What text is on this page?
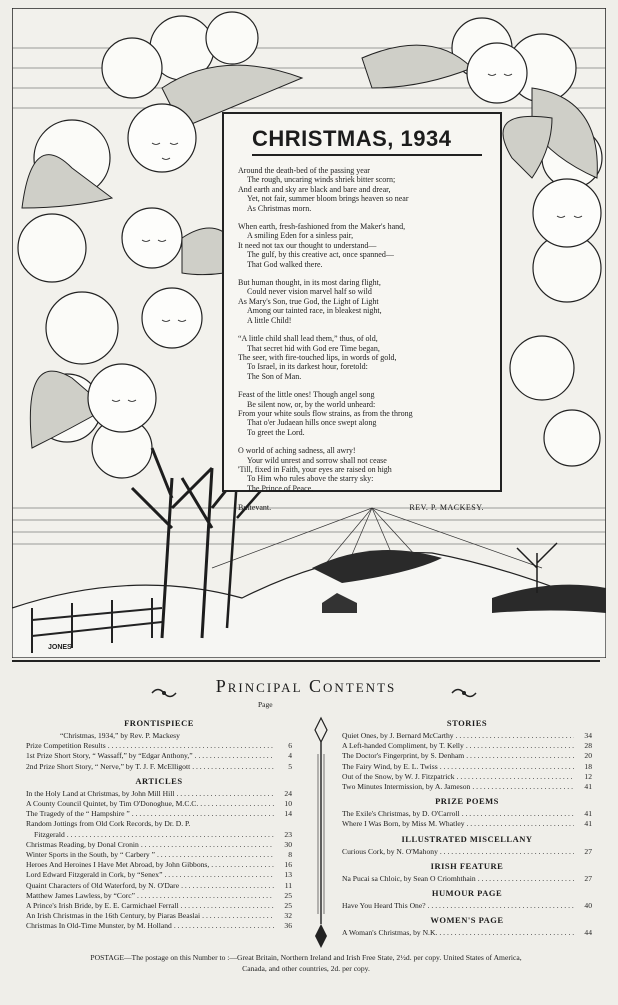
CHRISTMAS, 1934
Around the death-bed of the passing year
The rough, uncaring winds shriek bitter scorn;
And earth and sky are black and bare and drear,
Yet, not fair, summer bloom brings heaven so near
As Christmas morn.
When earth, fresh-fashioned from the Maker's hand,
A smiling Eden for a sinless pair,
It need not tax our thought to understand—
The gulf, by this creative act, once spanned—
That God walked there.
But human thought, in its most daring flight,
Could never vision marvel half so wild
As Mary's Son, true God, the Light of Light
Among our tainted race, in bleakest night,
A little Child!
“A little child shall lead them,” thus, of old,
That secret hid with God ere Time began,
The seer, with fire-touched lips, in words of gold,
To Israel, in its darkest hour, foretold:
The Son of Man.
Feast of the little ones! Though angel song
Be silent now, or, by the world unheard:
From your white souls flow strains, as from the throng
That o'er Judaean hills once swept along
To greet the Lord.
O world of aching sadness, all awry!
Your wild unrest and sorrow shall not cease
'Till, fixed in Faith, your eyes are raised on high
To Him who rules above the starry sky:
The Prince of Peace.
Buttevant.	REV. P. MACKESY.
JONES
Principal Contents
Page
FRONTISPIECE
“Christmas, 1934,” by Rev. P. Mackesy
Prize Competition Results . . .	6
1st Prize Short Story, “ Wassaff,” by “Edgar Anthony,” . . .	4
2nd Prize Short Story, “ Nerve,” by T. J. F. McElligott . . .	5
ARTICLES
In the Holy Land at Christmas, by John Mill Hill . . .	24
A County Council Quintet, by Tim O'Donoghue, M.C.C. . . .	10
The Tragedy of the “ Hampshire ” . . .	14
Random Jottings from Old Cork Records, by Dr. D. P.
Fitzgerald . . .	23
Christmas Reading, by Donal Cronin . . .	30
Winter Sports in the South, by “ Carbery ” . . .	8
Heroes And Heroines I Have Met Abroad, by John Gibbons, . . .	16
Lord Edward Fitzgerald in Cork, by “Senex” . . .	13
Quaint Characters of Old Waterford, by N. O'Dare . . .	11
Matthew James Lawless, by “Corc” . . .	25
A Prince's Irish Bride, by E. E. Carmichael Ferrall . . .	25
An Irish Christmas in the 16th Century, by Piaras Beaslai . . .	32
Christmas In Old-Time Munster, by M. Holland . . .	36
STORIES
Quiet Ones, by J. Bernard McCarthy . . .	34
A Left-handed Compliment, by T. Kelly . . .	28
The Doctor's Fingerprint, by S. Denham . . .	20
The Fairy Wind, by E. L. Twiss . . .	18
Out of the Snow, by W. J. Fitzpatrick . . .	12
Two Minutes Intermission, by A. Jameson . . .	41
PRIZE POEMS
The Exile's Christmas, by D. O'Carroll . . .	41
Where I Was Born, by Miss M. Whatley . . .	41
ILLUSTRATED MISCELLANY
Curious Cork, by N. O'Mahony . . .	27
IRISH FEATURE
Na Pucai sa Chloic, by Sean O Criomhthain . . .	27
HUMOUR PAGE
Have You Heard This One? . . .	40
WOMEN'S PAGE
A Woman's Christmas, by N.K. . . .	44
POSTAGE—The postage on this Number to :—Great Britain, Northern Ireland and Irish Free State, 2½d. per copy. United States of America,
Canada, and other countries, 2d. per copy.
